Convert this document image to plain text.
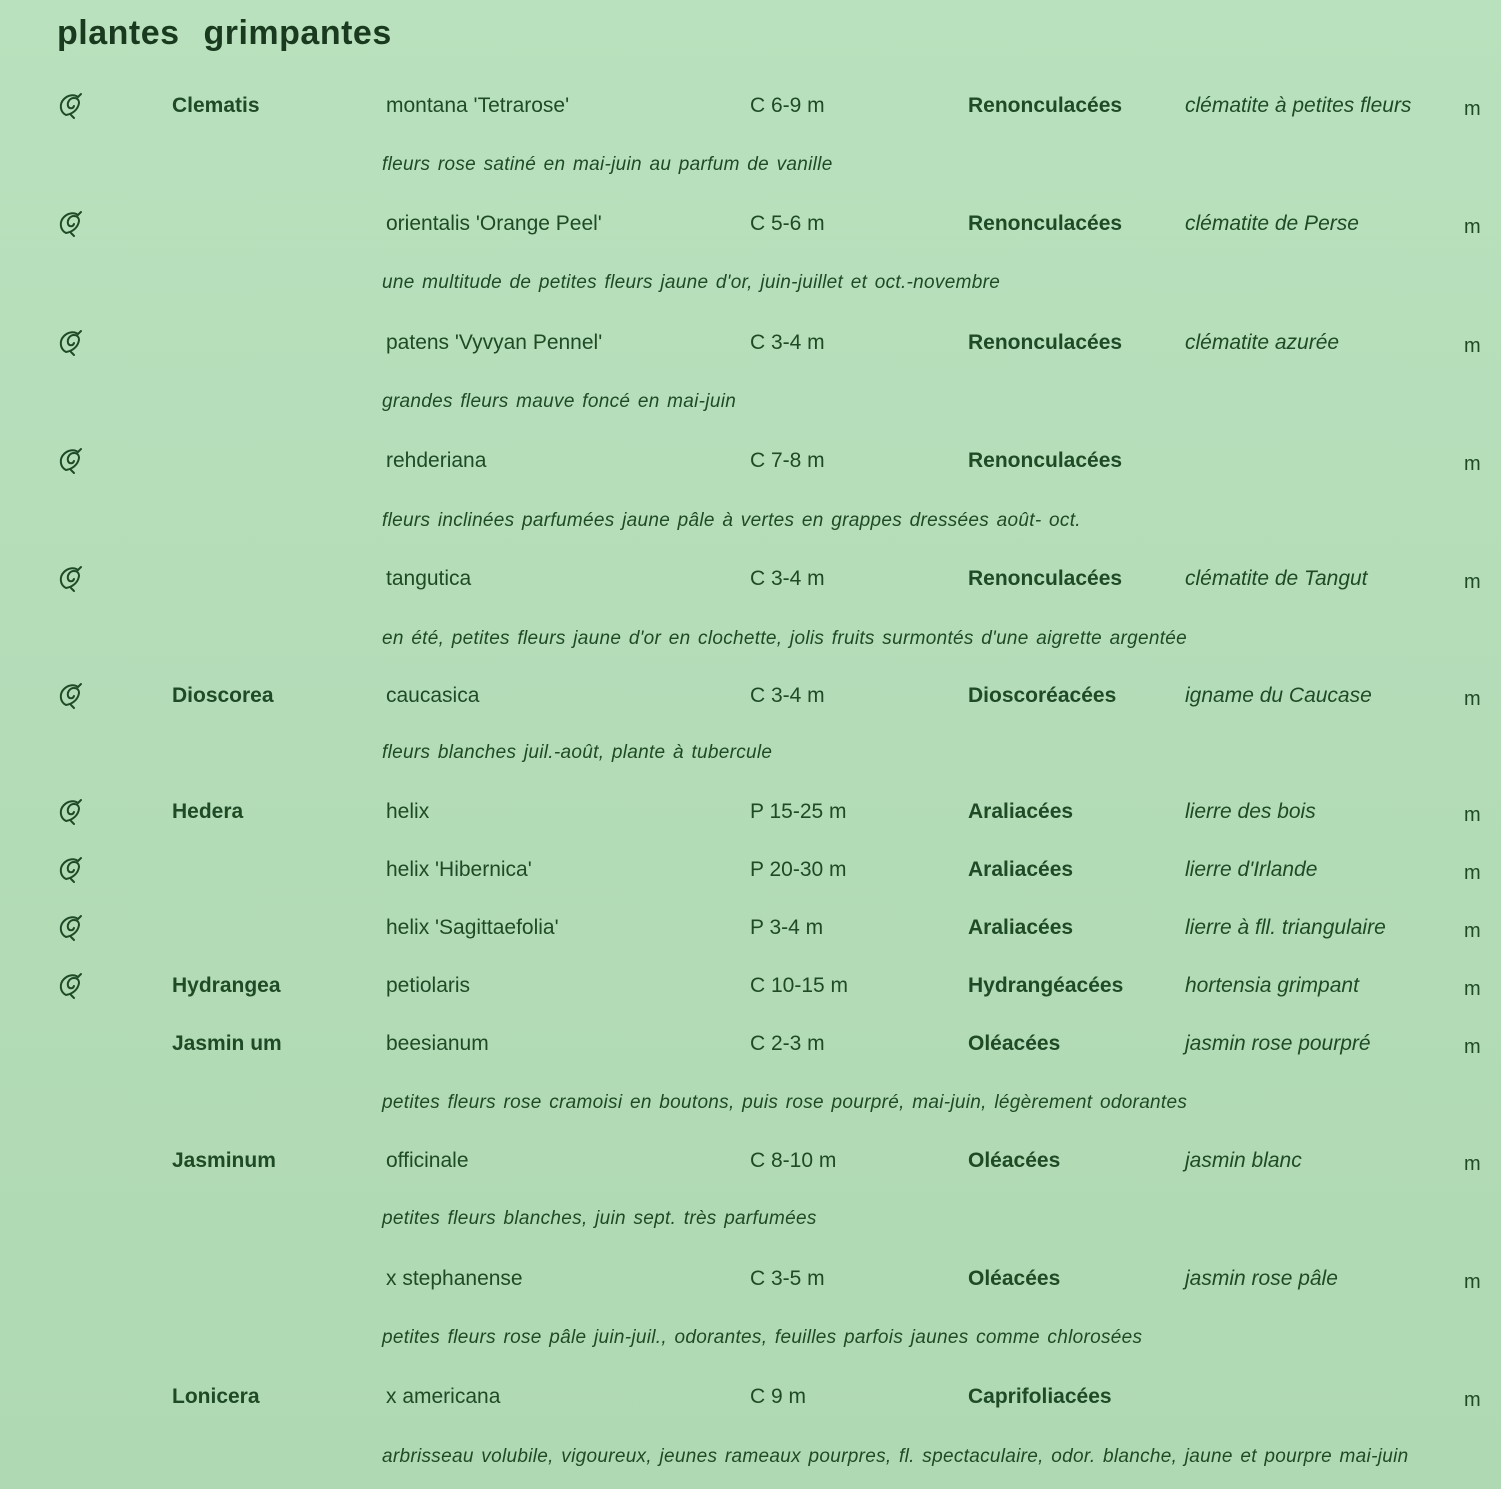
plantes grimpantes
Clematis	montana 'Tetrarose'	C 6-9 m	Renonculacées	clématite à petites fleurs	m
fleurs rose satiné en mai-juin au parfum de vanille
orientalis 'Orange Peel'	C 5-6 m	Renonculacées	clématite de Perse	m
une multitude de petites fleurs jaune d'or, juin-juillet et oct.-novembre
patens 'Vyvyan Pennel'	C 3-4 m	Renonculacées	clématite azurée	m
grandes fleurs mauve foncé en mai-juin
rehderiana	C 7-8 m	Renonculacées	m
fleurs inclinées parfumées jaune pâle à vertes en grappes dressées août- oct.
tangutica	C 3-4 m	Renonculacées	clématite de Tangut	m
en été, petites fleurs jaune d'or en clochette, jolis fruits surmontés d'une aigrette argentée
Dioscorea	caucasica	C 3-4 m	Dioscoréacées	igname du Caucase	m
fleurs blanches juil.-août, plante à tubercule
Hedera	helix	P 15-25 m	Araliacées	lierre des bois	m
helix 'Hibernica'	P 20-30 m	Araliacées	lierre d'Irlande	m
helix 'Sagittaefolia'	P 3-4 m	Araliacées	lierre à fll. triangulaire	m
Hydrangea	petiolaris	C 10-15 m	Hydrangéacées	hortensia grimpant	m
Jasmin um	beesianum	C 2-3 m	Oléacées	jasmin rose pourpré	m
petites fleurs rose cramoisi en boutons, puis rose pourpré, mai-juin, légèrement odorantes
Jasminum	officinale	C 8-10 m	Oléacées	jasmin blanc	m
petites fleurs blanches, juin sept. très parfumées
x stephanense	C 3-5 m	Oléacées	jasmin rose pâle	m
petites fleurs rose pâle juin-juil., odorantes, feuilles parfois jaunes comme chlorosées
Lonicera	x americana	C 9 m	Caprifoliacées	m
arbrisseau volubile, vigoureux, jeunes rameaux pourpres, fl. spectaculaire, odor. blanche, jaune et pourpre mai-juin
